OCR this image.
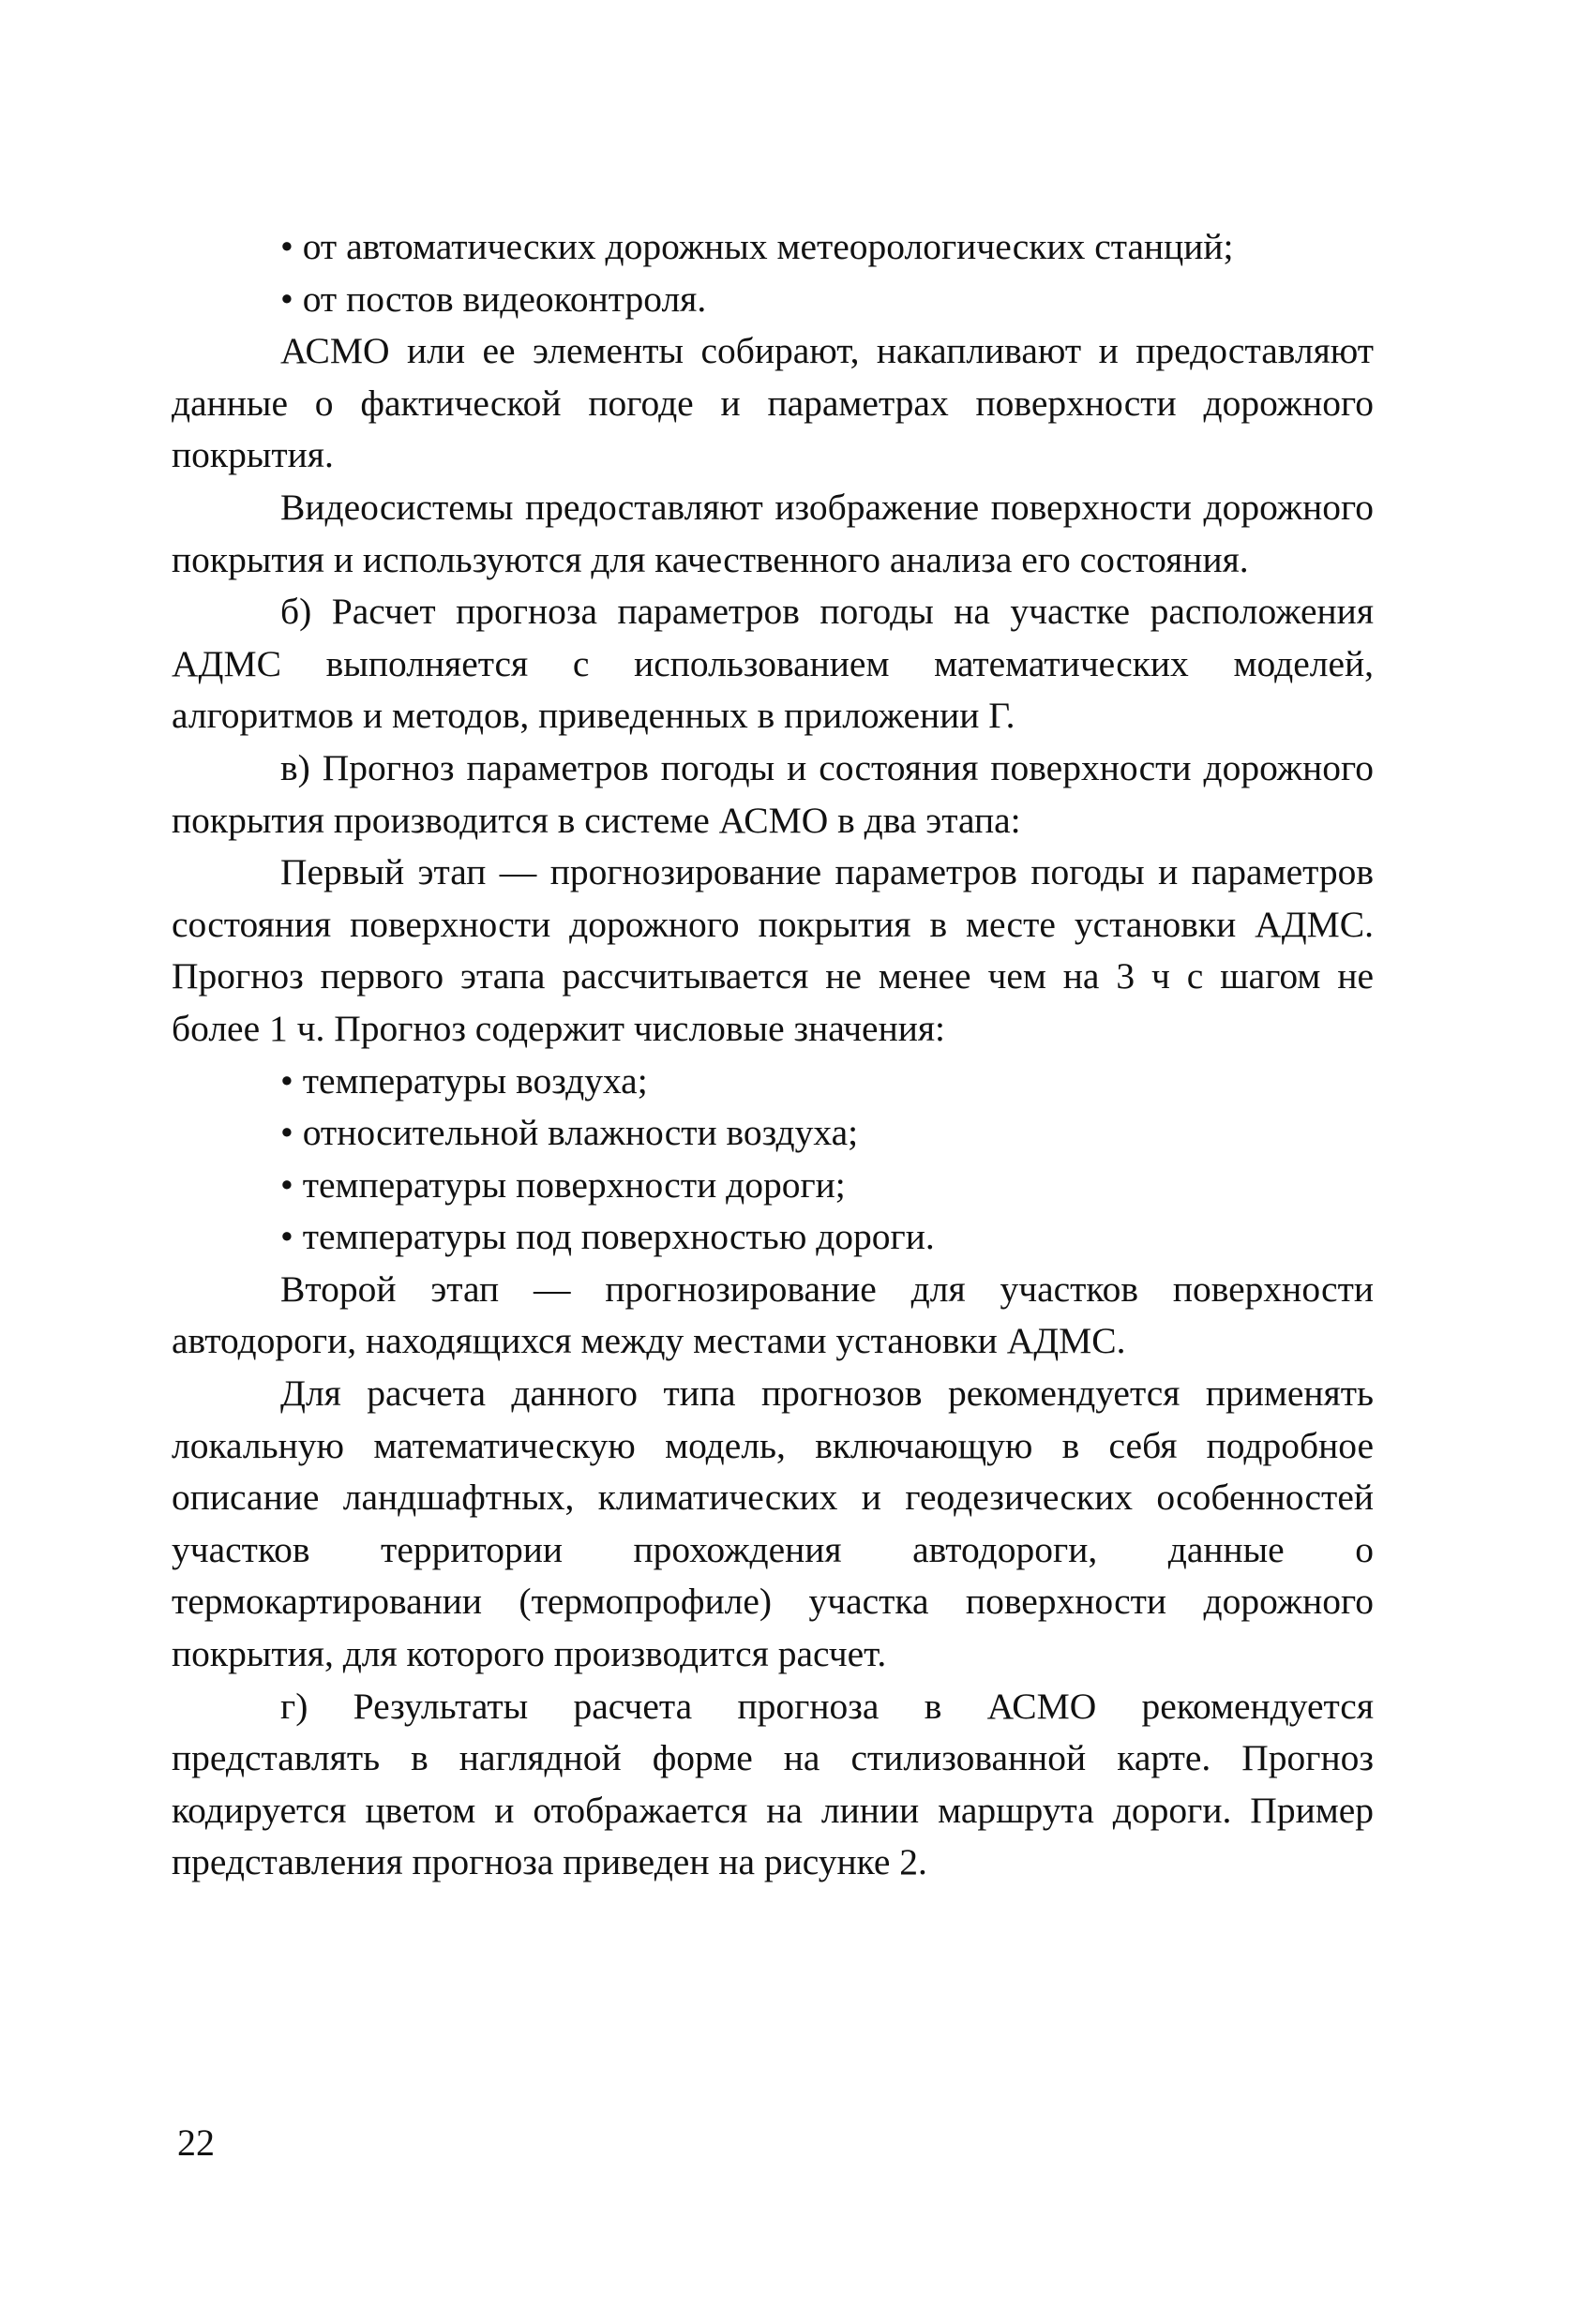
• от автоматических дорожных метеорологических станций;

• от постов видеоконтроля.

АСМО или ее элементы собирают, накапливают и предоставляют данные о фактической погоде и параметрах поверхности дорожного покрытия.

Видеосистемы предоставляют изображение поверхности дорожного покрытия и используются для качественного анализа его состояния.

б) Расчет прогноза параметров погоды на участке расположения АДМС выполняется с использованием математических моделей, алгоритмов и методов, приведенных в приложении Г.

в) Прогноз параметров погоды и состояния поверхности дорожного покрытия производится в системе АСМО в два этапа:

Первый этап — прогнозирование параметров погоды и параметров состояния поверхности дорожного покрытия в месте установки АДМС. Прогноз первого этапа рассчитывается не менее чем на 3 ч с шагом не более 1 ч. Прогноз содержит числовые значения:

• температуры воздуха;

• относительной влажности воздуха;

• температуры поверхности дороги;

• температуры под поверхностью дороги.

Второй этап — прогнозирование для участков поверхности автодороги, находящихся между местами установки АДМС.

Для расчета данного типа прогнозов рекомендуется применять локальную математическую модель, включающую в себя подробное описание ландшафтных, климатических и геодезических особенностей участков территории прохождения автодороги, данные о термокартировании (термопрофиле) участка поверхности дорожного покрытия, для которого производится расчет.

г) Результаты расчета прогноза в АСМО рекомендуется представлять в наглядной форме на стилизованной карте. Прогноз кодируется цветом и отображается на линии маршрута дороги. Пример представления прогноза приведен на рисунке 2.

22
